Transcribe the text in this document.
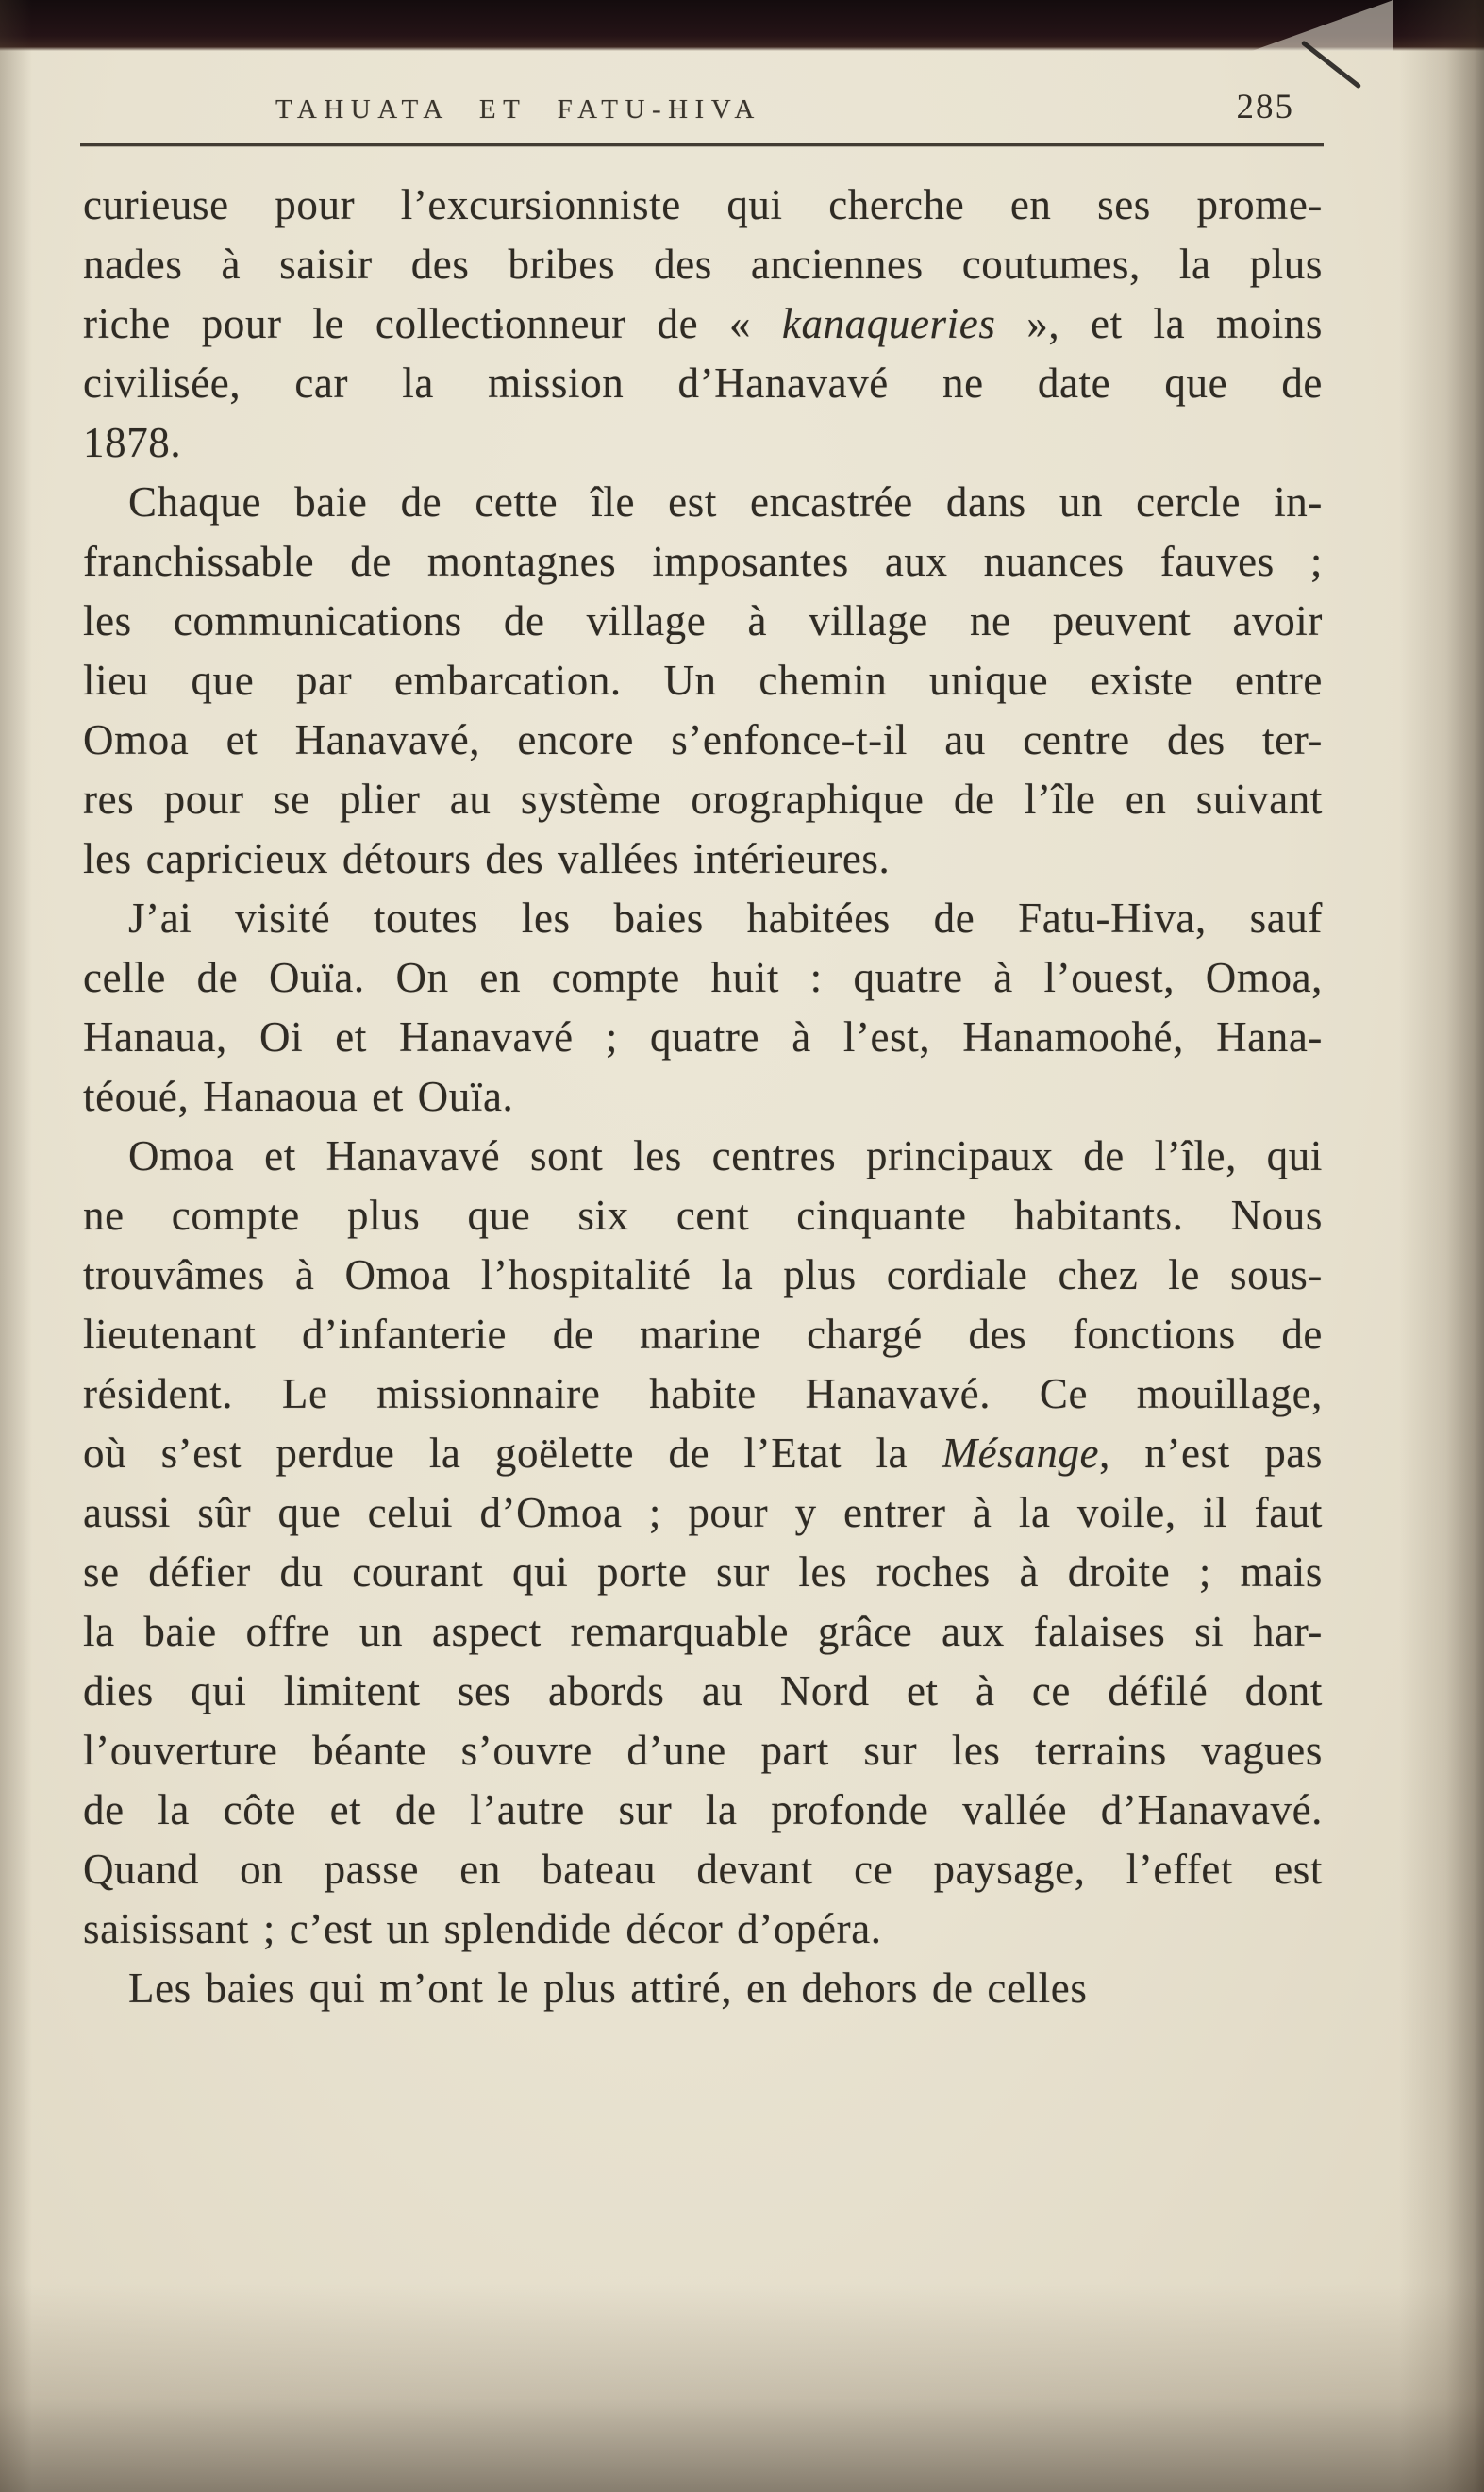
TAHUATA ET FATU-HIVA	285
curieuse pour l’excursionniste qui cherche en ses prome-
nades à saisir des bribes des anciennes coutumes, la plus
riche pour le collectionneur de « kanaqueries », et la moins
civilisée, car la mission d’Hanavavé ne date que de
1878.
Chaque baie de cette île est encastrée dans un cercle in-
franchissable de montagnes imposantes aux nuances fauves ;
les communications de village à village ne peuvent avoir
lieu que par embarcation. Un chemin unique existe entre
Omoa et Hanavavé, encore s’enfonce-t-il au centre des ter-
res pour se plier au système orographique de l’île en suivant
les capricieux détours des vallées intérieures.
J’ai visité toutes les baies habitées de Fatu-Hiva, sauf
celle de Ouïa. On en compte huit : quatre à l’ouest, Omoa,
Hanaua, Oi et Hanavavé ; quatre à l’est, Hanamoohé, Hana-
téoué, Hanaoua et Ouïa.
Omoa et Hanavavé sont les centres principaux de l’île, qui
ne compte plus que six cent cinquante habitants. Nous
trouvâmes à Omoa l’hospitalité la plus cordiale chez le sous-
lieutenant d’infanterie de marine chargé des fonctions de
résident. Le missionnaire habite Hanavavé. Ce mouillage,
où s’est perdue la goëlette de l’Etat la Mésange, n’est pas
aussi sûr que celui d’Omoa ; pour y entrer à la voile, il faut
se défier du courant qui porte sur les roches à droite ; mais
la baie offre un aspect remarquable grâce aux falaises si har-
dies qui limitent ses abords au Nord et à ce défilé dont
l’ouverture béante s’ouvre d’une part sur les terrains vagues
de la côte et de l’autre sur la profonde vallée d’Hanavavé.
Quand on passe en bateau devant ce paysage, l’effet est
saisissant ; c’est un splendide décor d’opéra.
Les baies qui m’ont le plus attiré, en dehors de celles
